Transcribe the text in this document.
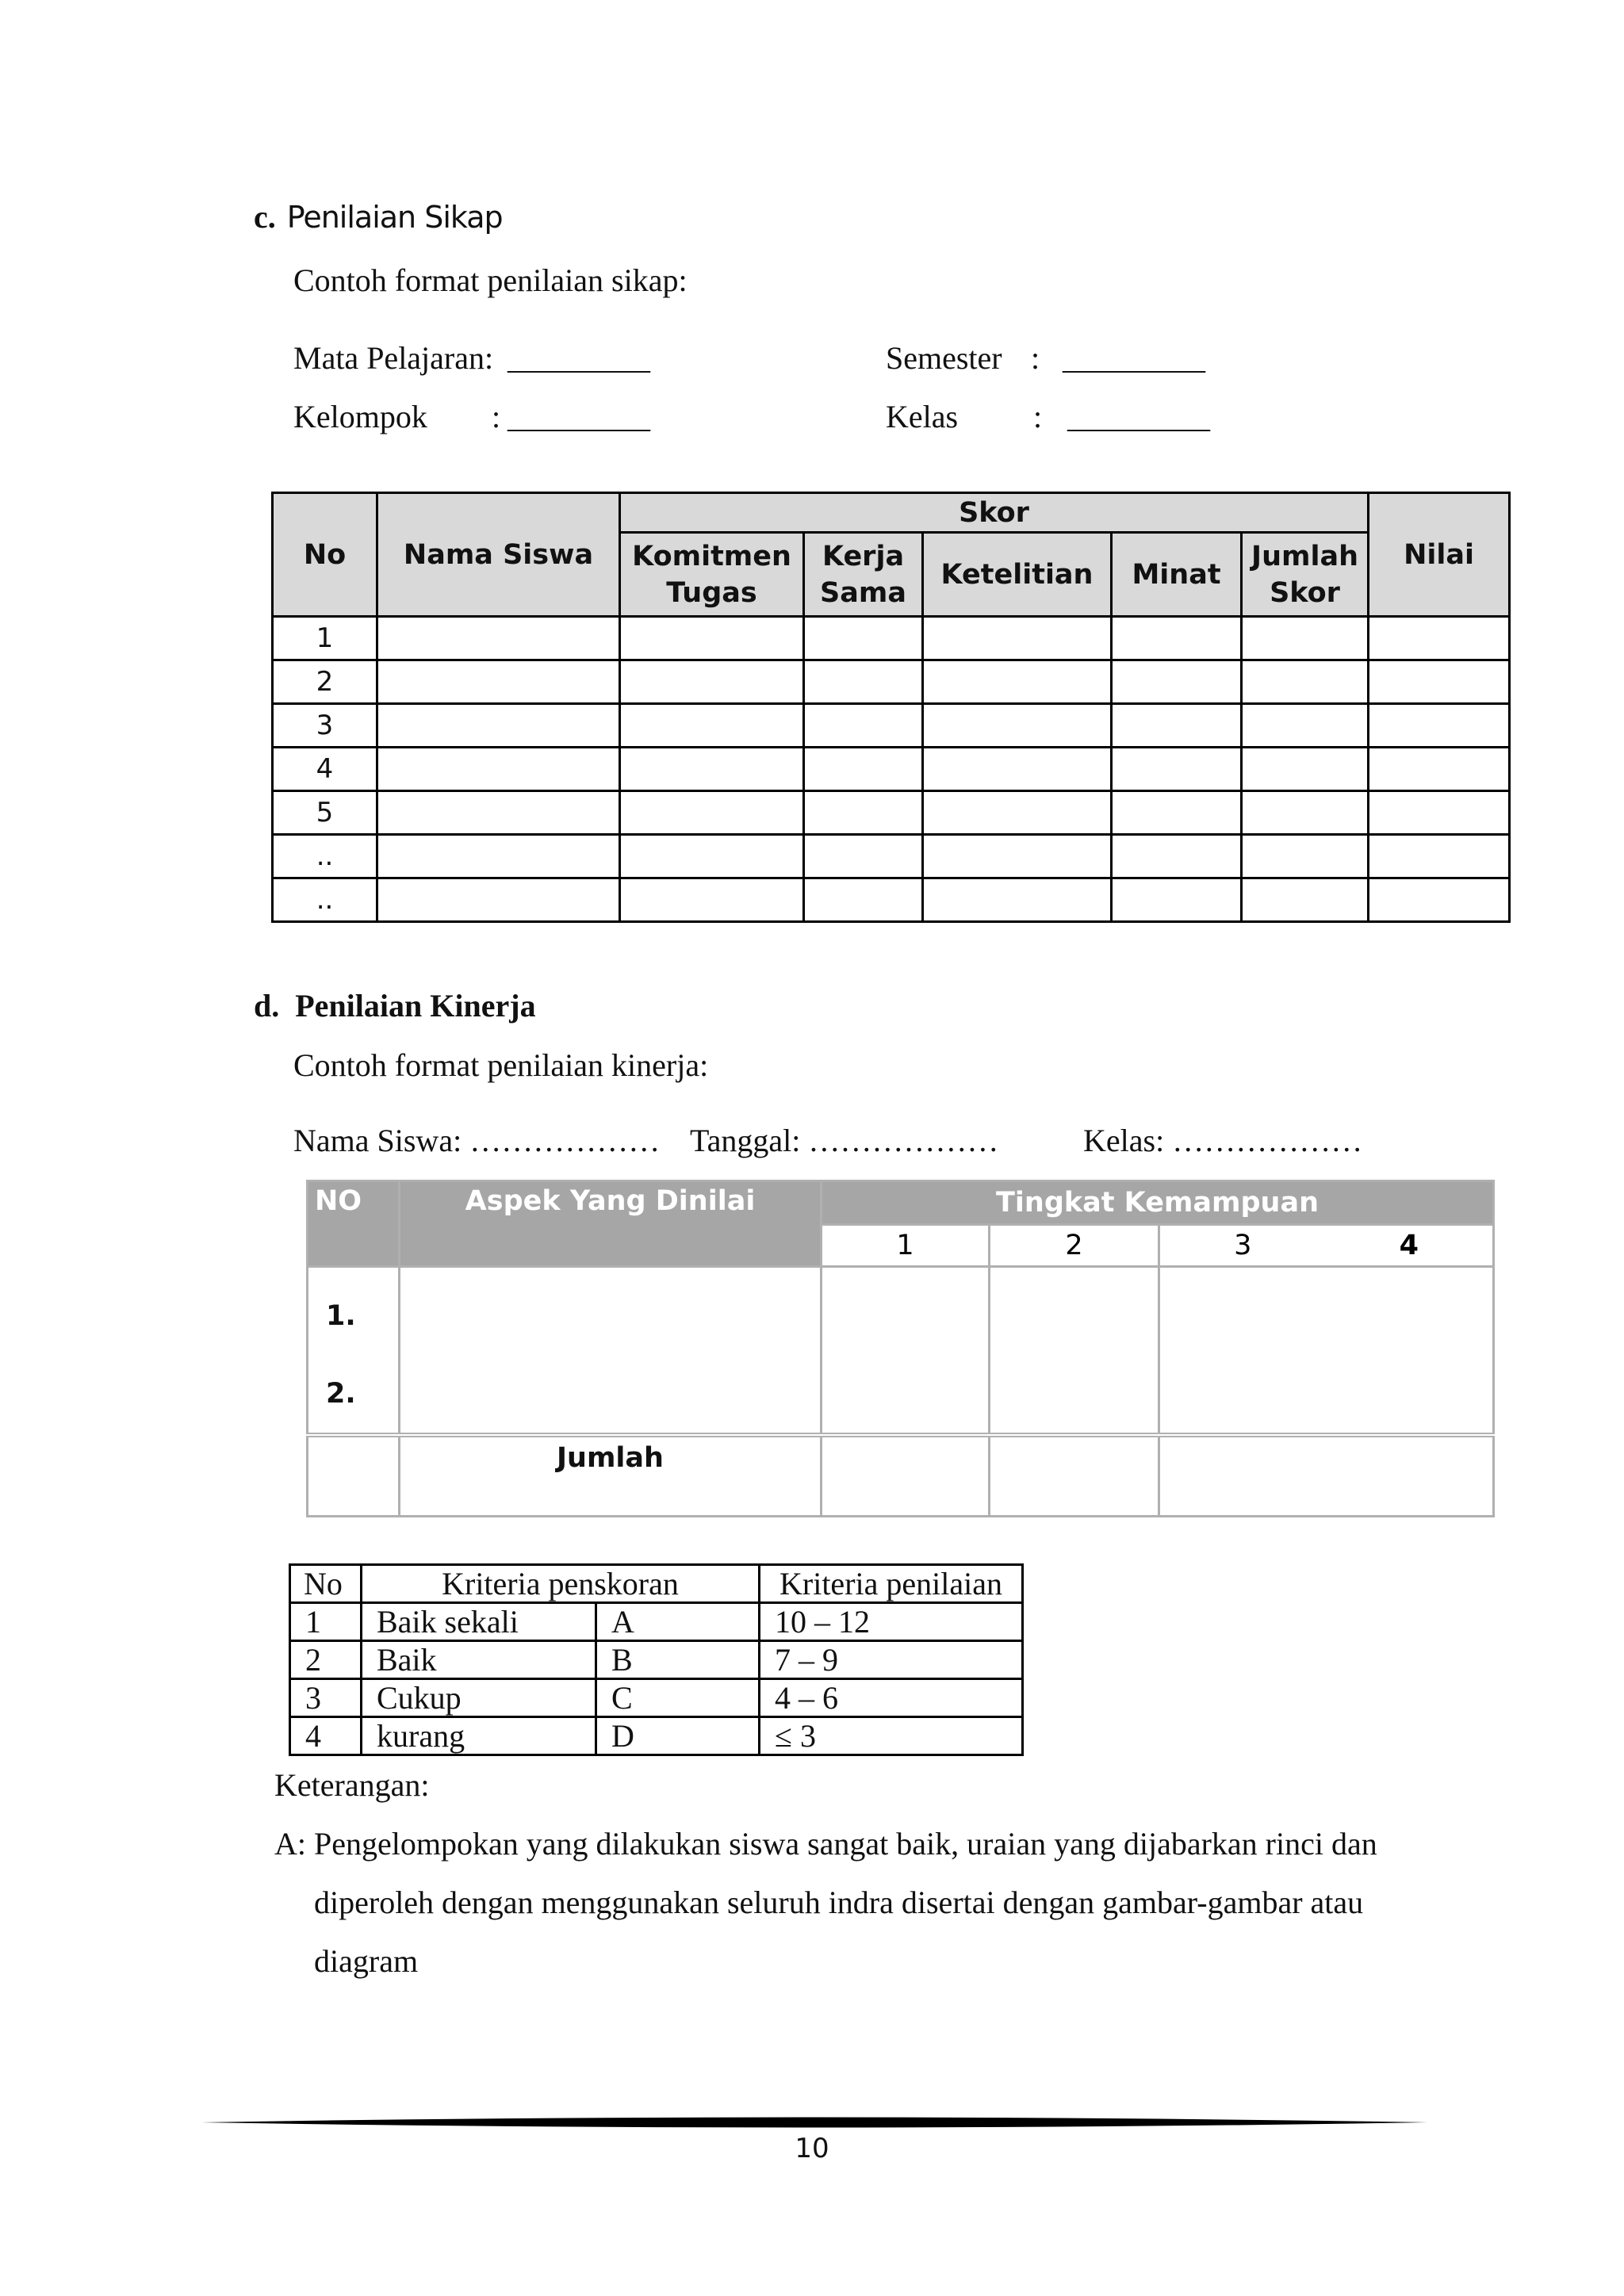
c. Penilaian Sikap
Contoh format penilaian sikap:
Mata Pelajaran: _________	Semester : _________
Kelompok : _________	Kelas : _________
No	Nama Siswa	Skor					Nilai
		Komitmen Tugas	Kerja Sama	Ketelitian	Minat	Jumlah Skor	
1							
2							
3							
4							
5							
..							
..							
d. Penilaian Kinerja
Contoh format penilaian kinerja:
Nama Siswa: ……………… Tanggal: ………………	Kelas: ………………
NO	Aspek Yang Dinilai	Tingkat Kemampuan			
		1	2	3	4

1.
2.					

	Jumlah				
No	Kriteria penskoran		Kriteria penilaian
1	Baik sekali	A	10 – 12
2	Baik	B	7 – 9
3	Cukup	C	4 – 6
4	kurang	D	≤ 3
Keterangan:
A: Pengelompokan yang dilakukan siswa sangat baik, uraian yang dijabarkan rinci dan
diperoleh dengan menggunakan seluruh indra disertai dengan gambar-gambar atau
diagram
10
